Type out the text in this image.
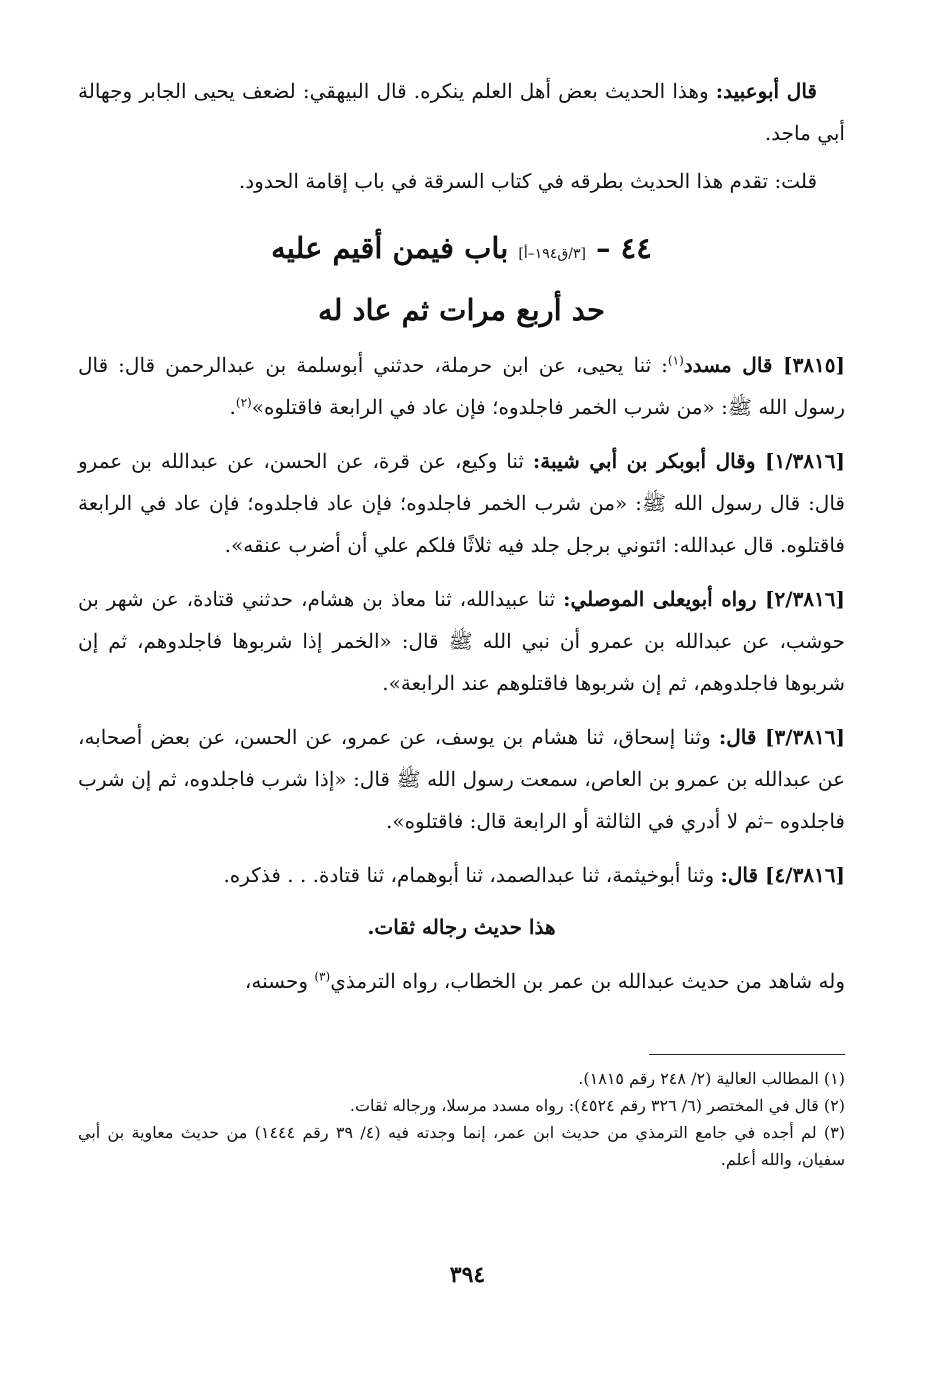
قال أبوعبيد: وهذا الحديث بعض أهل العلم ينكره. قال البيهقي: لضعف يحيى الجابر وجهالة أبي ماجد.

قلت: تقدم هذا الحديث بطرقه في كتاب السرقة في باب إقامة الحدود.

٤٤ – [٣/ق١٩٤–أ] باب فيمن أقيم عليه

حد أربع مرات ثم عاد له

[٣٨١٥] قال مسدد$^{(١)}$: ثنا يحيى، عن ابن حرملة، حدثني أبوسلمة بن عبدالرحمن قال: قال رسول الله ﷺ: «من شرب الخمر فاجلدوه؛ فإن عاد في الرابعة فاقتلوه»$^{(٢)}$.

[١/٣٨١٦] وقال أبوبكر بن أبي شيبة: ثنا وكيع، عن قرة، عن الحسن، عن عبدالله بن عمرو قال: قال رسول الله ﷺ: «من شرب الخمر فاجلدوه؛ فإن عاد فاجلدوه؛ فإن عاد في الرابعة فاقتلوه. قال عبدالله: ائتوني برجل جلد فيه ثلاثًا فلكم علي أن أضرب عنقه».

[٢/٣٨١٦] رواه أبويعلى الموصلي: ثنا عبيدالله، ثنا معاذ بن هشام، حدثني قتادة، عن شهر بن حوشب، عن عبدالله بن عمرو أن نبي الله ﷺ قال: «الخمر إذا شربوها فاجلدوهم، ثم إن شربوها فاجلدوهم، ثم إن شربوها فاقتلوهم عند الرابعة».

[٣/٣٨١٦] قال: وثنا إسحاق، ثنا هشام بن يوسف، عن عمرو، عن الحسن، عن بعض أصحابه، عن عبدالله بن عمرو بن العاص، سمعت رسول الله ﷺ قال: «إذا شرب فاجلدوه، ثم إن شرب فاجلدوه –ثم لا أدري في الثالثة أو الرابعة قال: فاقتلوه».

[٤/٣٨١٦] قال: وثنا أبوخيثمة، ثنا عبدالصمد، ثنا أبوهمام، ثنا قتادة. . . فذكره.

هذا حديث رجاله ثقات.

وله شاهد من حديث عبدالله بن عمر بن الخطاب، رواه الترمذي$^{(٣)}$ وحسنه،

(١) المطالب العالية (٢/ ٢٤٨ رقم ١٨١٥).

(٢) قال في المختصر (٦/ ٣٢٦ رقم ٤٥٢٤): رواه مسدد مرسلا، ورجاله ثقات.

(٣) لم أجده في جامع الترمذي من حديث ابن عمر، إنما وجدته فيه (٤/ ٣٩ رقم ١٤٤٤) من حديث معاوية بن أبي سفيان، والله أعلم.

٣٩٤
